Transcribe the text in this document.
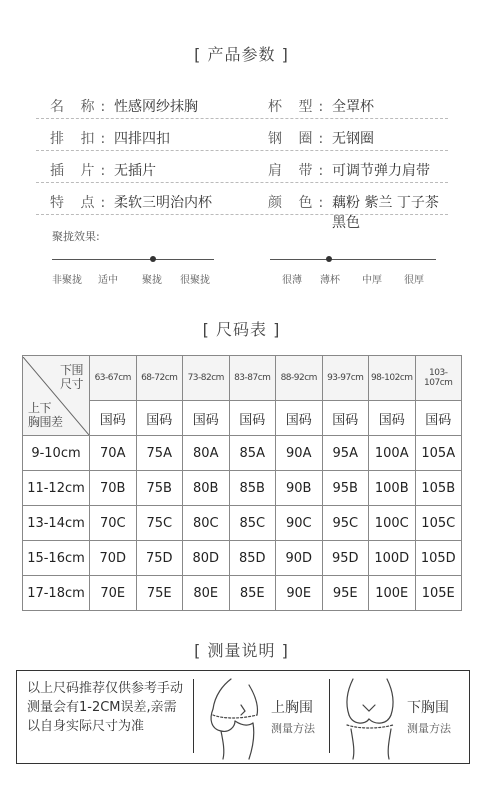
[ 产品参数 ]
名 称: 性感网纱抹胸	杯 型: 全罩杯
排 扣: 四排四扣	钢 圈: 无钢圈
插 片: 无插片	肩 带: 可调节弹力肩带
特 点: 柔软三明治内杯	颜 色: 藕粉 紫兰 丁子茶 黑色
聚拢效果:
非聚拢 适中 聚拢 很聚拢	很薄 薄杯 中厚 很厚
[ 尺码表 ]
下围
尺寸
上下
胸围差	63-67cm	68-72cm	73-82cm	83-87cm	88-92cm	93-97cm	98-102cm	103-107cm
	国码	国码	国码	国码	国码	国码	国码	国码
9-10cm	70A	75A	80A	85A	90A	95A	100A	105A
11-12cm	70B	75B	80B	85B	90B	95B	100B	105B
13-14cm	70C	75C	80C	85C	90C	95C	100C	105C
15-16cm	70D	75D	80D	85D	90D	95D	100D	105D
17-18cm	70E	75E	80E	85E	90E	95E	100E	105E
[ 测量说明 ]
以上尺码推荐仅供参考手动测量会有1-2CM误差,亲需以自身实际尺寸为准
上胸围
测量方法
下胸围
测量方法
